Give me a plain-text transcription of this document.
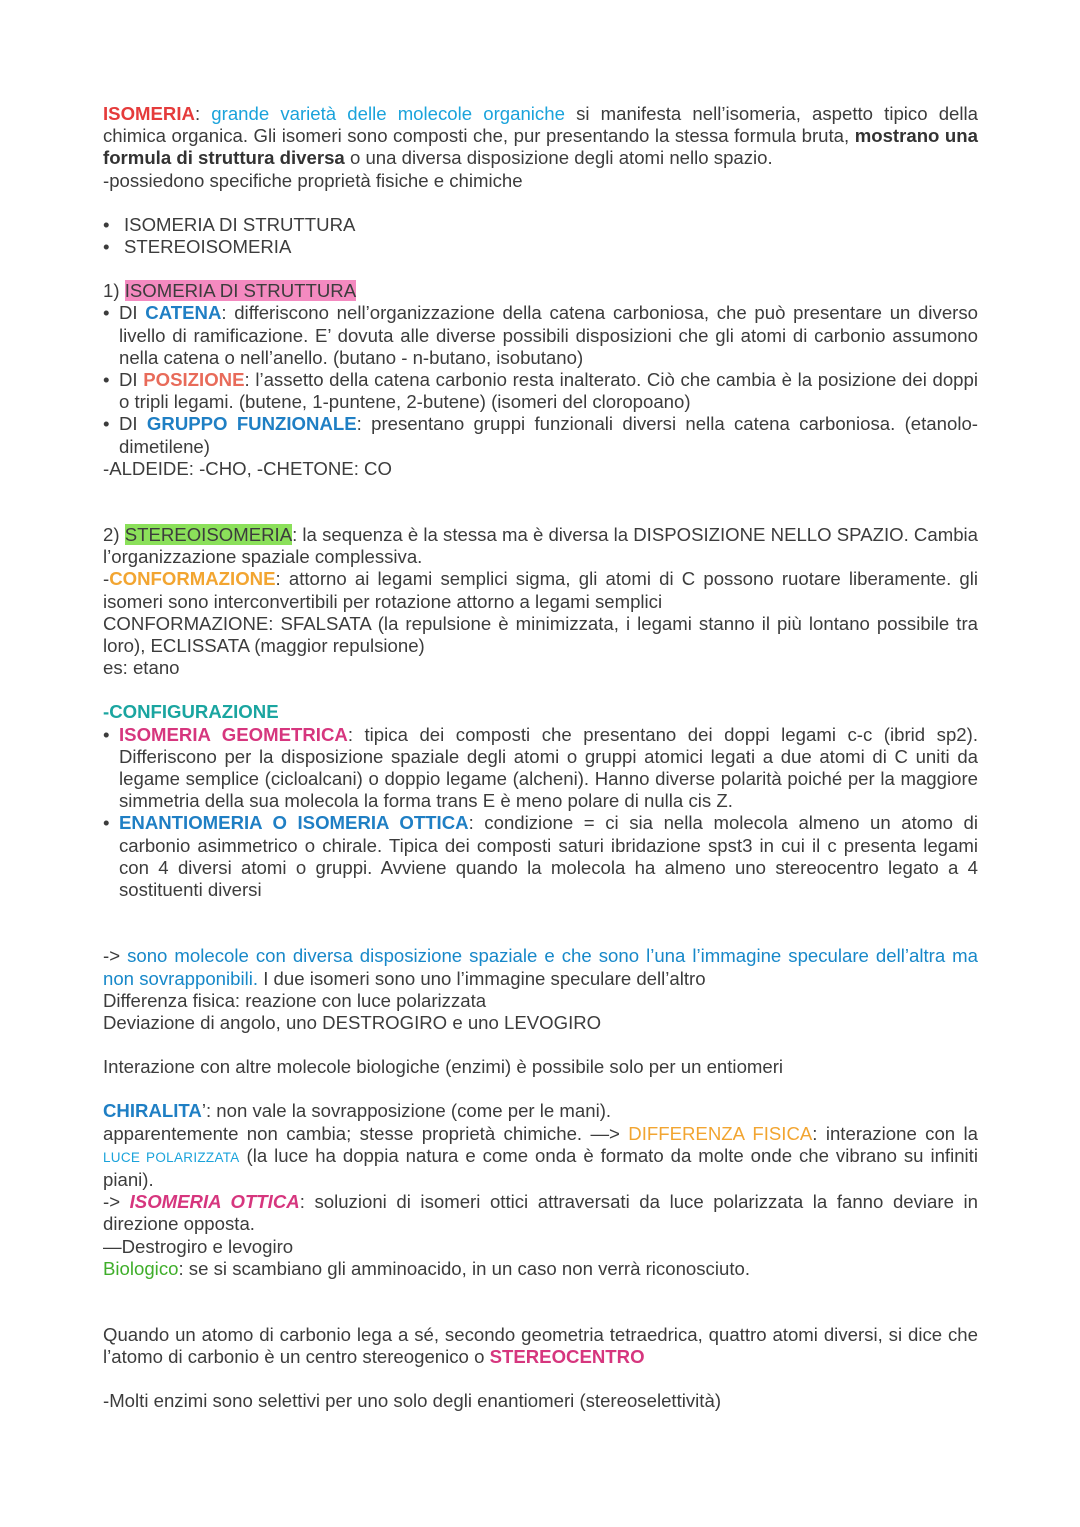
ISOMERIA: grande varietà delle molecole organiche si manifesta nell’isomeria, aspetto tipico della chimica organica. Gli isomeri sono composti che, pur presentando la stessa formula bruta, mostrano una formula di struttura diversa o una diversa disposizione degli atomi nello spazio.

-possiedono specifiche proprietà fisiche e chimiche

• ISOMERIA DI STRUTTURA

• STEREOISOMERIA

1) ISOMERIA DI STRUTTURA

• DI CATENA: differiscono nell’organizzazione della catena carboniosa, che può presentare un diverso livello di ramificazione. E’ dovuta alle diverse possibili disposizioni che gli atomi di carbonio assumono nella catena o nell’anello. (butano - n-butano, isobutano)

• DI POSIZIONE: l’assetto della catena carbonio resta inalterato. Ciò che cambia è la posizione dei doppi o tripli legami. (butene, 1-puntene, 2-butene) (isomeri del cloropoano)

• DI GRUPPO FUNZIONALE: presentano gruppi funzionali diversi nella catena carboniosa. (etanolo-dimetilene)

-ALDEIDE: -CHO, -CHETONE: CO

2) STEREOISOMERIA: la sequenza è la stessa ma è diversa la DISPOSIZIONE NELLO SPAZIO. Cambia l’organizzazione spaziale complessiva.

-CONFORMAZIONE: attorno ai legami semplici sigma, gli atomi di C possono ruotare liberamente. gli isomeri sono interconvertibili per rotazione attorno a legami semplici

CONFORMAZIONE: SFALSATA (la repulsione è minimizzata, i legami stanno il più lontano possibile tra loro), ECLISSATA (maggior repulsione)

es: etano

-CONFIGURAZIONE

• ISOMERIA GEOMETRICA: tipica dei composti che presentano dei doppi legami c-c (ibrid sp2). Differiscono per la disposizione spaziale degli atomi o gruppi atomici legati a due atomi di C uniti da legame semplice (cicloalcani) o doppio legame (alcheni). Hanno diverse polarità poiché per la maggiore simmetria della sua molecola la forma trans E è meno polare di nulla cis Z.

• ENANTIOMERIA O ISOMERIA OTTICA: condizione = ci sia nella molecola almeno un atomo di carbonio asimmetrico o chirale. Tipica dei composti saturi ibridazione spst3 in cui il c presenta legami con 4 diversi atomi o gruppi. Avviene quando la molecola ha almeno uno stereocentro legato a 4 sostituenti diversi

-> sono molecole con diversa disposizione spaziale e che sono l’una l’immagine speculare dell’altra ma non sovrapponibili. I due isomeri sono uno l’immagine speculare dell’altro

Differenza fisica: reazione con luce polarizzata

Deviazione di angolo, uno DESTROGIRO e uno LEVOGIRO

Interazione con altre molecole biologiche (enzimi) è possibile solo per un entiomeri

CHIRALITA’: non vale la sovrapposizione (come per le mani).

apparentemente non cambia; stesse proprietà chimiche. —> DIFFERENZA FISICA: interazione con la LUCE POLARIZZATA (la luce ha doppia natura e come onda è formato da molte onde che vibrano su infiniti piani).

-> ISOMERIA OTTICA: soluzioni di isomeri ottici attraversati da luce polarizzata la fanno deviare in direzione opposta.

—Destrogiro e levogiro

Biologico: se si scambiano gli amminoacido, in un caso non verrà riconosciuto.

Quando un atomo di carbonio lega a sé, secondo geometria tetraedrica, quattro atomi diversi, si dice che l’atomo di carbonio è un centro stereogenico o STEREOCENTRO

-Molti enzimi sono selettivi per uno solo degli enantiomeri (stereoselettività)
